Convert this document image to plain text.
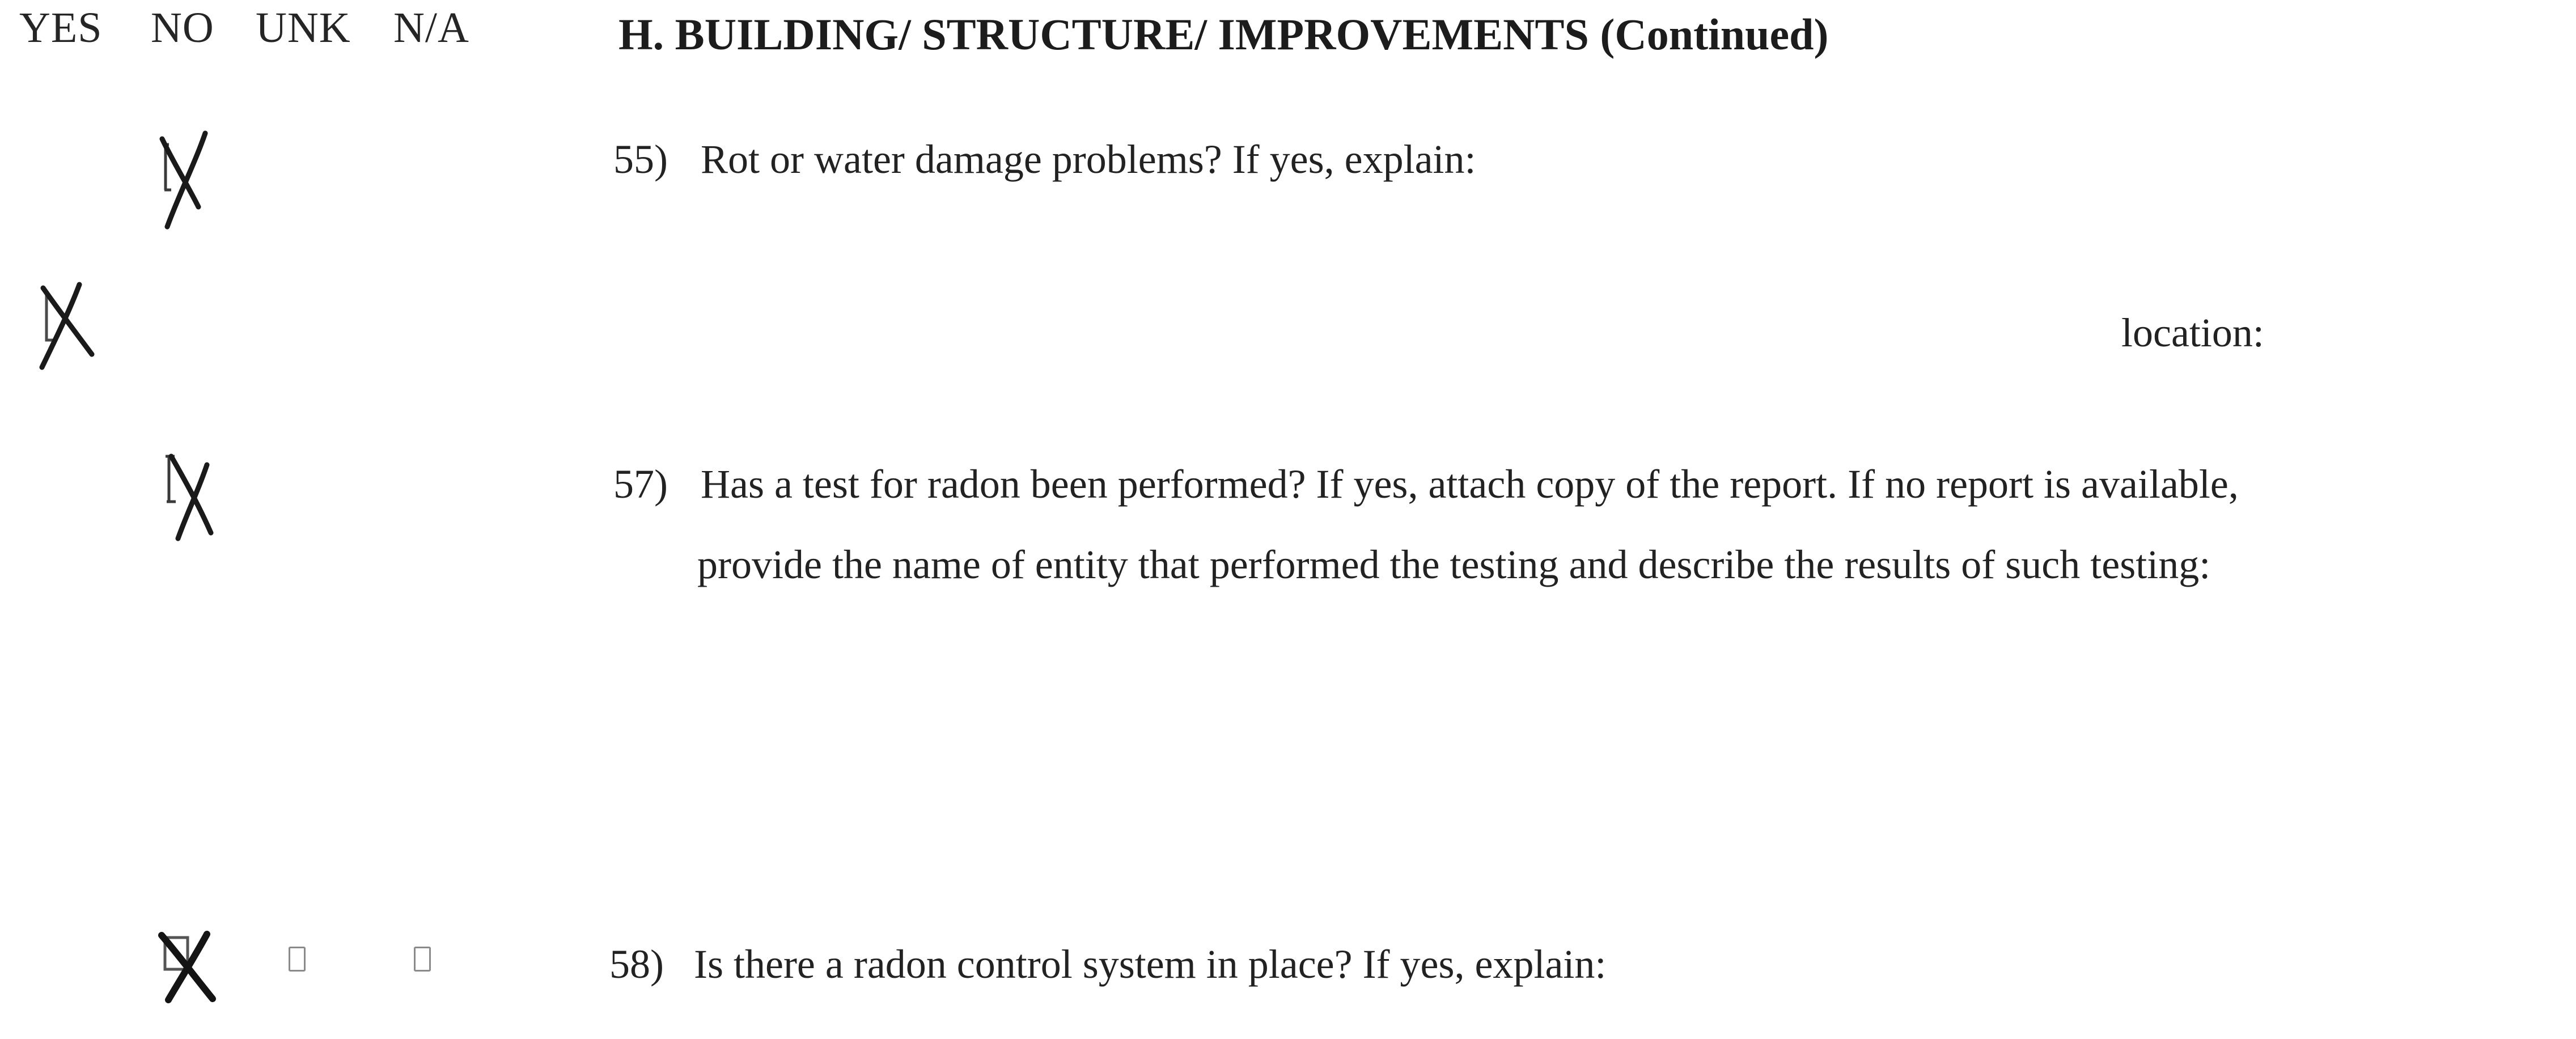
YES NO UNK N/A	H. BUILDING/ STRUCTURE/ IMPROVEMENTS (Continued)
55) Rot or water damage problems? If yes, explain:
location:
57) Has a test for radon been performed? If yes, attach copy of the report. If no report is available,
provide the name of entity that performed the testing and describe the results of such testing:
58) Is there a radon control system in place? If yes, explain:
